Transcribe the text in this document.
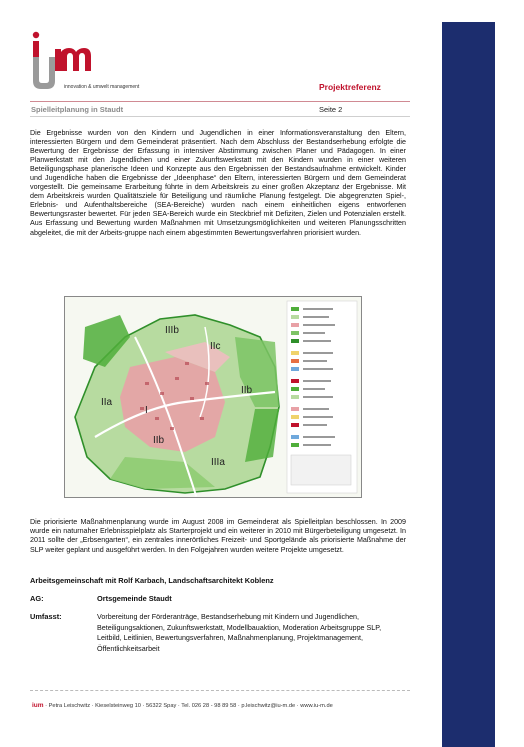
innovation & umwelt management	Projektreferenz
Spielleitplanung in Staudt	Seite 2
Die Ergebnisse wurden von den Kindern und Jugendlichen in einer Informationsveranstaltung den Eltern, interessierten Bürgern und dem Gemeinderat präsentiert. Nach dem Abschluss der Bestandserhebung erfolgte die Bewertung der Ergebnisse der Erfassung in intensiver Abstimmung zwischen Planer und Pädagogen. In einer Planwerkstatt mit den Jugendlichen und einer Zukunftswerkstatt mit den Kindern wurden in einer weiteren Beteiligungsphase planerische Ideen und Konzepte aus den Ergebnissen der Bestandsaufnahme entwickelt. Kinder und Jugendliche haben die Ergebnisse der „Ideenphase“ den Eltern, interessierten Bürgern und dem Gemeinderat vorgestellt. Die gemeinsame Erarbeitung führte in dem Arbeitskreis zu einer großen Akzeptanz der Ergebnisse. Mit dem Arbeitskreis wurden Qualitätsziele für Beteiligung und räumliche Planung festgelegt. Die abgegrenzten Spiel-, Erlebnis- und Aufenthaltsbereiche (SEA-Bereiche) wurden nach einem einheitlichen eigens entworfenen Bewertungsraster bewertet. Für jeden SEA-Bereich wurde ein Steckbrief mit Defiziten, Zielen und Potenzialen erstellt. Aus Erfassung und Bewertung wurden Maßnahmen mit Umsetzungsmöglichkeiten und weiteren Planungsschritten abgeleitet, die mit der Arbeits-gruppe nach einem abgestimmten Bewertungsverfahren priorisiert wurden.
IIIb
IIc
IIa
I
IIb
IIb
IIIa
Die priorisierte Maßnahmenplanung wurde im August 2008 im Gemeinderat als Spielleitplan beschlossen. In 2009 wurde ein naturnaher Erlebnisspielplatz als Starterprojekt und ein weiterer in 2010 mit Bürgerbeteiligung umgesetzt. In 2011 sollte der „Erbsengarten“, ein zentrales innerörtliches Freizeit- und Sportgelände als priorisierte Maßnahme der SLP weiter geplant und ausgeführt werden. In den Folgejahren wurden weitere Projekte umgesetzt.
Arbeitsgemeinschaft mit Rolf Karbach, Landschaftsarchitekt Koblenz
AG:	Ortsgemeinde Staudt
Umfasst:	Vorbereitung der Förderanträge, Bestandserhebung mit Kindern und Jugendlichen, Beteiligungsaktionen, Zukunftswerkstatt, Modellbauaktion, Moderation Arbeitsgruppe SLP, Leitbild, Leitlinien, Bewertungsverfahren, Maßnahmenplanung, Projektmanagement, Öffentlichkeitsarbeit
ium · Petra Leischwitz · Kieselsteinweg 10 · 56322 Spay · Tel. 026 28 - 98 89 58 · p.leischwitz@iu-m.de · www.iu-m.de
